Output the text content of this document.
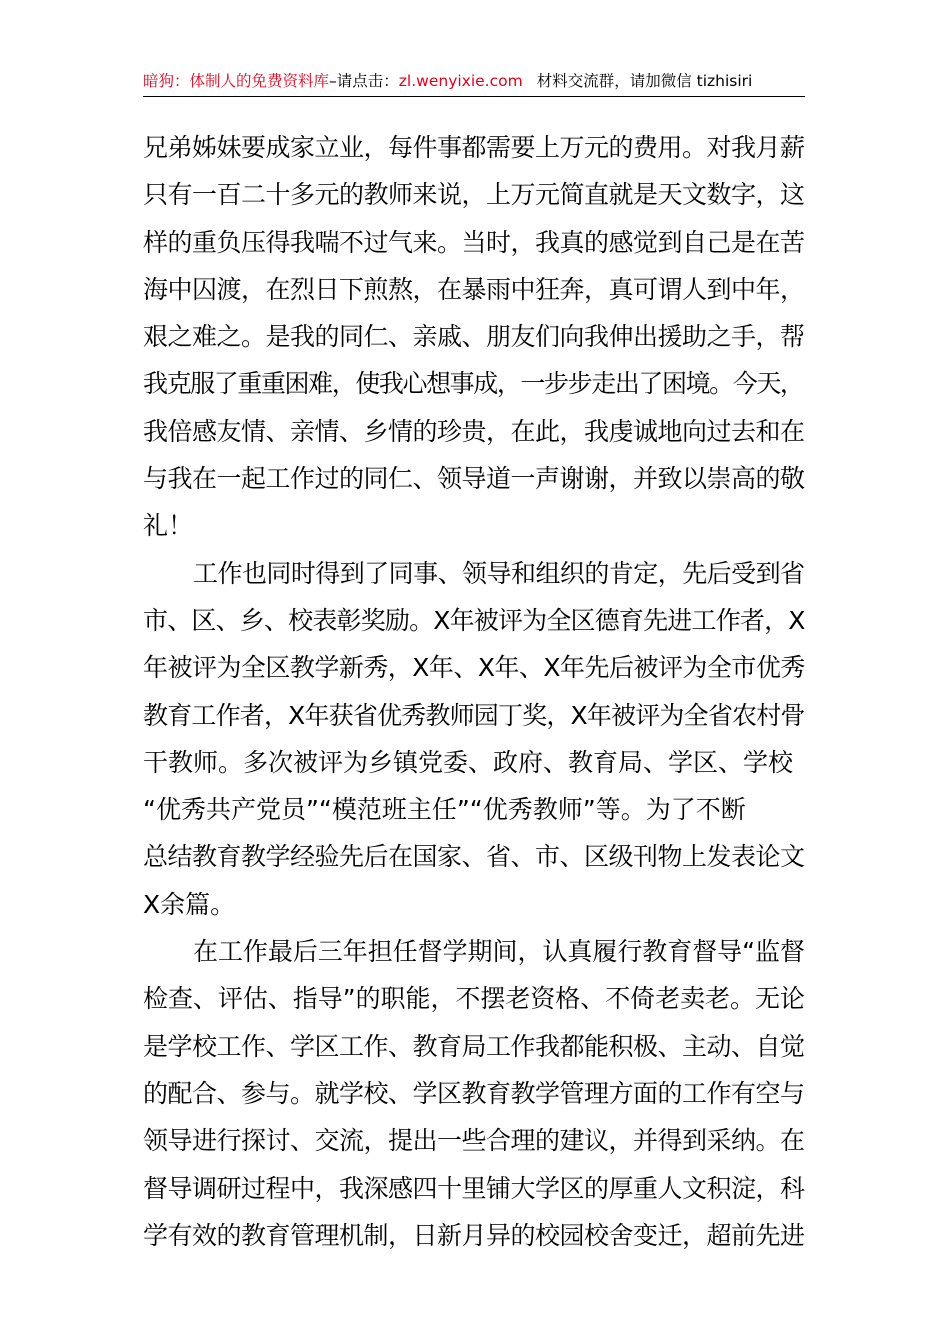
暗狗：体制人的免费资料库–请点击：zl.wenyixie.com 材料交流群，请加微信 tizhisiri
兄弟姊妹要成家立业，每件事都需要上万元的费用。对我月薪
只有一百二十多元的教师来说，上万元简直就是天文数字，这
样的重负压得我喘不过气来。当时，我真的感觉到自己是在苦
海中囚渡，在烈日下煎熬，在暴雨中狂奔，真可谓人到中年，
艰之难之。是我的同仁、亲戚、朋友们向我伸出援助之手，帮
我克服了重重困难，使我心想事成，一步步走出了困境。今天，
我倍感友情、亲情、乡情的珍贵，在此，我虔诚地向过去和在
与我在一起工作过的同仁、领导道一声谢谢，并致以崇高的敬
礼！
工作也同时得到了同事、领导和组织的肯定，先后受到省
市、区、乡、校表彰奖励。X年被评为全区德育先进工作者，X
年被评为全区教学新秀，X年、X年、X年先后被评为全市优秀
教育工作者，X年获省优秀教师园丁奖，X年被评为全省农村骨
干教师。多次被评为乡镇党委、政府、教育局、学区、学校
“优秀共产党员”“模范班主任”“优秀教师”等。为了不断
总结教育教学经验先后在国家、省、市、区级刊物上发表论文
X余篇。
在工作最后三年担任督学期间，认真履行教育督导“监督
检查、评估、指导”的职能，不摆老资格、不倚老卖老。无论
是学校工作、学区工作、教育局工作我都能积极、主动、自觉
的配合、参与。就学校、学区教育教学管理方面的工作有空与
领导进行探讨、交流，提出一些合理的建议，并得到采纳。在
督导调研过程中，我深感四十里铺大学区的厚重人文积淀，科
学有效的教育管理机制，日新月异的校园校舍变迁，超前先进
